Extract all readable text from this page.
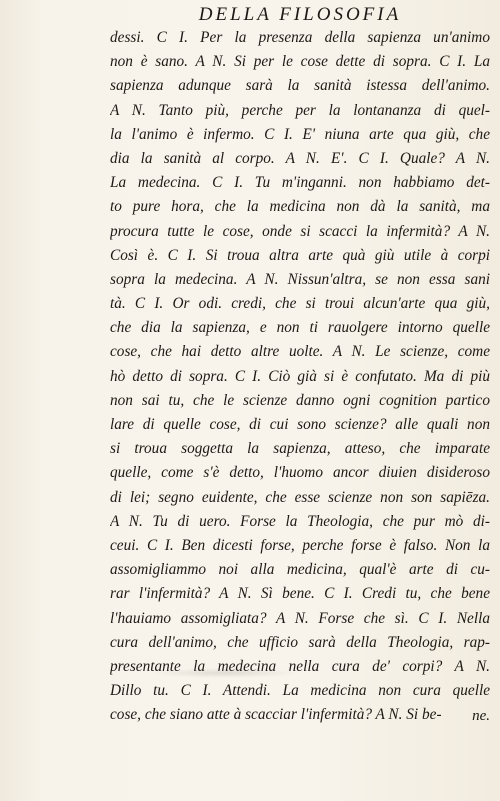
DELLA FILOSOFIA
dessi. C I. Per la presenza della sapienza un'animo
non è sano. A N. Si per le cose dette di sopra. C I. La
sapienza adunque sarà la sanità istessa dell'animo.
A N. Tanto più, perche per la lontananza di quel-
la l'animo è infermo. C I. E' niuna arte qua giù, che
dia la sanità al corpo. A N. E'. C I. Quale? A N.
La medecina. C I. Tu m'inganni. non habbiamo det-
to pure hora, che la medicina non dà la sanità, ma
procura tutte le cose, onde si scacci la infermità? A N.
Così è. C I. Si troua altra arte quà giù utile à corpi
sopra la medecina. A N. Nissun'altra, se non essa sani
tà. C I. Or odi. credi, che si troui alcun'arte qua giù,
che dia la sapienza, e non ti rauolgere intorno quelle
cose, che hai detto altre uolte. A N. Le scienze, come
hò detto di sopra. C I. Ciò già si è confutato. Ma di più
non sai tu, che le scienze danno ogni cognition partico
lare di quelle cose, di cui sono scienze? alle quali non
si troua soggetta la sapienza, atteso, che imparate
quelle, come s'è detto, l'huomo ancor diuien disideroso
di lei; segno euidente, che esse scienze non son sapiēza.
A N. Tu di uero. Forse la Theologia, che pur mò di-
ceui. C I. Ben dicesti forse, perche forse è falso. Non la
assomigliammo noi alla medicina, qual'è arte di cu-
rar l'infermità? A N. Sì bene. C I. Credi tu, che bene
l'hauiamo assomigliata? A N. Forse che sì. C I. Nella
cura dell'animo, che ufficio sarà della Theologia, rap-
presentante la medecina nella cura de' corpi? A N.
Dillo tu. C I. Attendi. La medicina non cura quelle
cose, che siano atte à scacciar l'infermità? A N. Si be-	ne.
